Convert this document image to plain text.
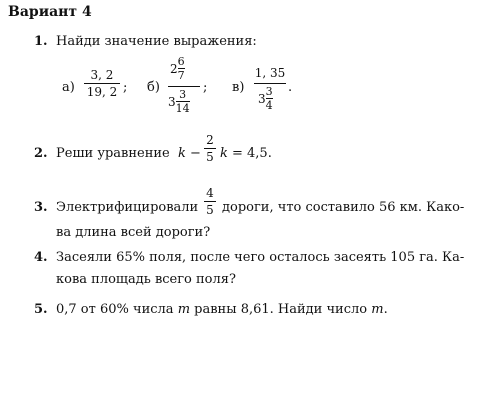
Вариант 4
1. Найди значение выражения:
а)
3, 2
19, 2 ; б)
$2\frac{6}{7}$
$3\frac{3}{14}$
; в)
1, 35
$3\frac{3}{4}$ .
2. Реши уравнение k −
2
5 k = 4,5.
3. Электрифицировали
4
5 дороги, что составило 56 км. Како-
ва длина всей дороги?
4. Засеяли 65% поля, после чего осталось засеять 105 га. Ка-
кова площадь всего поля?
5. 0,7 от 60% числа m равны 8,61. Найди число m.
